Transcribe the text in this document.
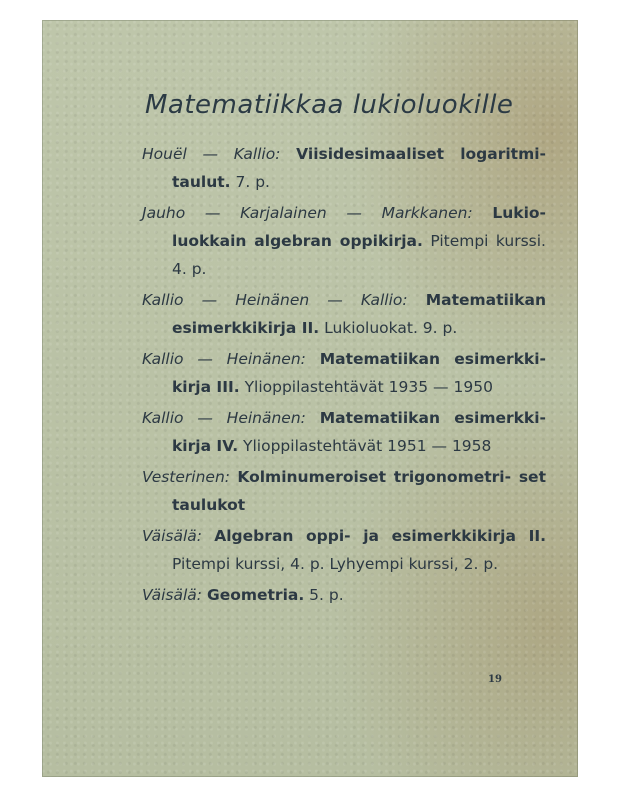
Matematiikkaa lukioluokille
Houël — Kallio: Viisidesimaaliset logaritmi- taulut. 7. p.
Jauho — Karjalainen — Markkanen: Lukio- luokkain algebran oppikirja. Pitempi kurssi. 4. p.
Kallio — Heinänen — Kallio: Matematiikan esimerkkikirja II. Lukioluokat. 9. p.
Kallio — Heinänen: Matematiikan esimerkki- kirja III. Ylioppilastehtävät 1935 — 1950
Kallio — Heinänen: Matematiikan esimerkki- kirja IV. Ylioppilastehtävät 1951 — 1958
Vesterinen: Kolminumeroiset trigonometri- set taulukot
Väisälä: Algebran oppi- ja esimerkkikirja II. Pitempi kurssi, 4. p. Lyhyempi kurssi, 2. p.
Väisälä: Geometria. 5. p.
19
